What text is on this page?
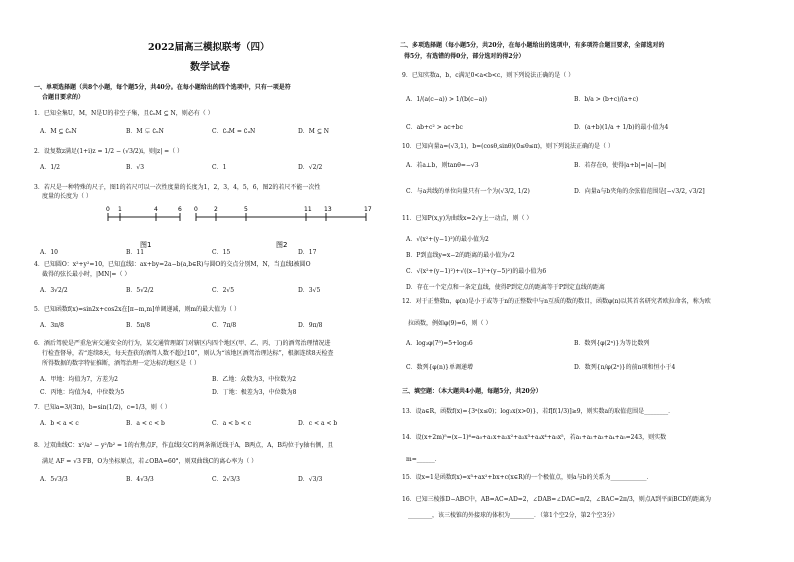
2022届高三模拟联考（四）
数学试卷
一、单项选择题（共8个小题，每个题5分，共40分。在每小题给出的四个选项中，只有一项是符
合题目要求的）
1．已知全集U，M，N是U的非空子集，且∁ᵤM ⊆ N，则必有（ ）
A．M ⊆ ∁ᵤN	B．M ⊊ ∁ᵤN	C．∁ᵤM = ∁ᵤN	D．M ⊆ N
2．设复数z满足(1+i)z = 1/2 − (√3/2)i，则|z| =（ ）
A．1/2	B．√3	C．1	D．√2/2
3．若尺是一种特殊的尺子，图1的若尺可以一次性度量的长度为1，2，3，4，5，6，图2的若尺不能一次性
度量的长度为（ ）
0 1	4	6
图1
0	2	5	11 13	17
图2
A．10	B．11	C．15	D．17
4．已知圆O：x²+y²=10，已知直线l：ax+by=2a−b(a,b∈R)与圆O的交点分别M，N，当直线l被圆O
截得的弦长最小时，|MN|=（ ）
A．3√2/2	B．5√2/2	C．2√5	D．3√5
5．已知函数f(x)=sin2x+cos2x在[π−m,m]单调递减，则m的最大值为（ ）
A．3π/8	B．5π/8	C．7π/8	D．9π/8
6．酒后驾驶是严重危害交通安全的行为，某交通管理部门对辖区内四个地区(甲、乙、丙、丁)的酒驾治理情况进
行检查督导，若“连续8天，每天查获的酒驾人数不超过10”，则认为“该地区酒驾治理达标”，根据连续8天检查
所得数据的数字特征推断，酒驾治理一定达标的地区是（ ）
A．甲地：均值为7，方差为2	B．乙地：众数为3，中位数为2
C．丙地：均值为4，中位数为5	D．丁地：极差为3，中位数为8
7．已知a=3/(3π)，b=sin(1/2)，c=1/3，则（ ）
A．b < a < c	B．a < c < b	C．a < b < c	D．c < a < b
8．过双曲线C：x²/a² − y²/b² = 1的右焦点F，作直线l交C的两条渐近线于A，B两点，A，B均位于y轴右侧，且
满足 AF = √3 FB，O为坐标原点，若∠OBA=60°，则双曲线C的离心率为（ ）
A．5√3/3	B．4√3/3	C．2√3/3	D．√3/3
二、多项选择题（每小题5分，共20分，在每小题给出的选项中，有多项符合题目要求，全部选对的
得5分，有选错的得0分，部分选对的得2分）
9．已知实数a，b，c满足0<a<b<c，则下列说法正确的是（ ）
A．1/(a(c−a)) > 1/(b(c−a))	B．b/a > (b+c)/(a+c)
C．ab+c² > ac+bc	D．(a+b)(1/a + 1/b)的最小值为4
10．已知向量a=(√3,1)，b=(cosθ,sinθ)(0≤θ≤π)，则下列说法正确的是（ ）
A．若a⊥b，则tanθ=−√3	B．若存在θ，使得|a+b|=|a|−|b|
C．与a共线的单位向量只有一个为(√3/2, 1/2)	D．向量a与b夹角的余弦值范围是[−√3/2, √3/2]
11．已知P(x,y)为曲线x=2√y上一动点，则（ ）
A．√(x²+(y−1)²)的最小值为2
B．P到直线y=x−2的距离的最小值为√2
C．√(x²+(y−1)²)+√((x−1)²+(y−5)²)的最小值为6
D．存在一个定点和一条定直线，使得P到定点的距离等于P到定直线的距离
12．对于正整数n，φ(n)是小于或等于n的正整数中与n互质的数的数目，函数φ(n)以其首名研究者欧拉命名，称为欧
拉函数，例如φ(9)=6，则（ ）
A．log₃φ(7⁵)=5+log₃6	B．数列{φ(2ⁿ)}为等比数列
C．数列{φ(n)}单调递增	D．数列{n/φ(2ⁿ)}的前n项和恒小于4
三、填空题：（本大题共4小题，每题5分，共20分）
13．设a∈R，函数f(x)={3ᵃ(x≤0)；log₃x(x>0)}，若f[f(1/3)]≥9，则实数a的取值范围是________．
14．设(x+2m)⁵=(x−1)⁶=a₀+a₁x+a₂x²+a₃x³+a₄x⁴+a₅x⁵，若a₁+a₂+a₃+a₄+a₅=243，则实数
m=______．
15．设x=1是函数f(x)=x³+ax²+bx+c(x∈R)的一个极值点，则a与b的关系为____________．
16．已知三棱锥D−ABC中，AB=AC=AD=2，∠DAB=∠DAC=π/2，∠BAC=2π/3，则点A到平面BCD的距离为
________，该三棱锥的外接球的体积为________．（第1个空2分，第2个空3分）
